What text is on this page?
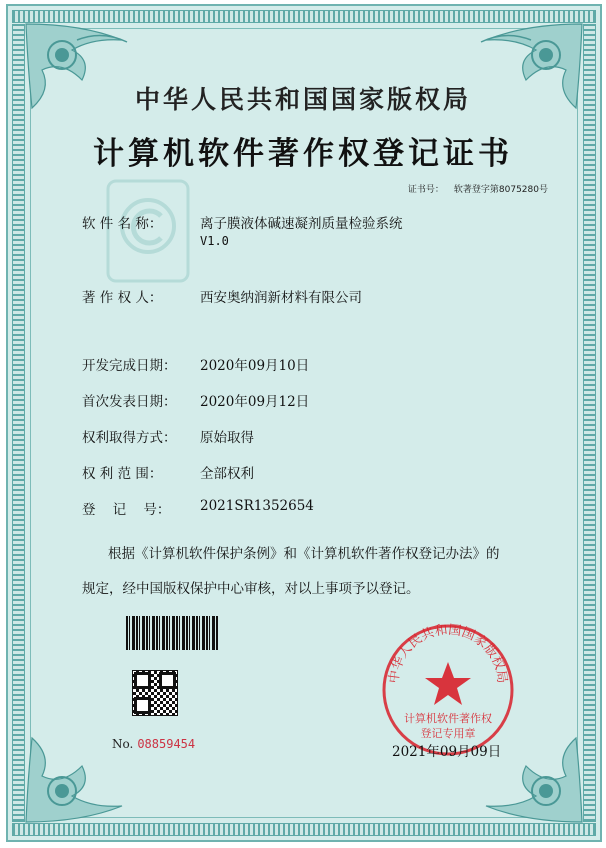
中华人民共和国国家版权局
计算机软件著作权登记证书
证书号： 软著登字第8075280号
软 件 名 称：	离子膜液体碱速凝剂质量检验系统
V1.0
著 作 权 人：	西安奥纳润新材料有限公司
开发完成日期： 2020年09月10日
首次发表日期： 2020年09月12日
权利取得方式： 原始取得
权 利 范 围：	全部权利
登    记    号： 2021SR1352654
根据《计算机软件保护条例》和《计算机软件著作权登记办法》的
规定，经中国版权保护中心审核，对以上事项予以登记。
No. 08859454
中华人民共和国国家版权局
计算机软件著作权
登记专用章
2021年09月09日
